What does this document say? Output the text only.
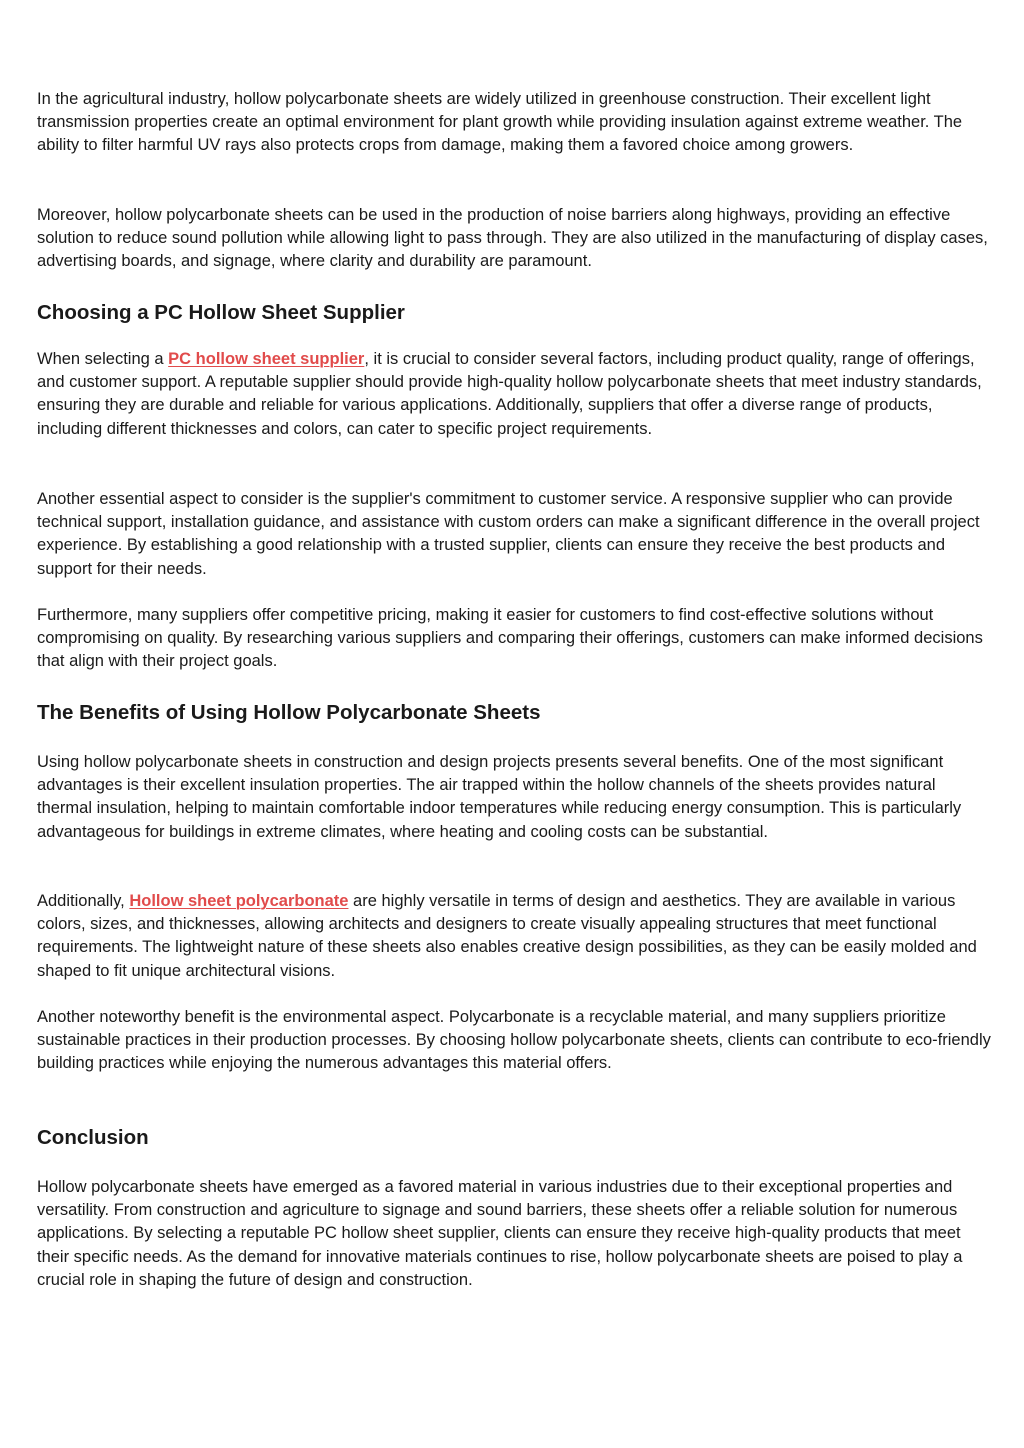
In the agricultural industry, hollow polycarbonate sheets are widely utilized in greenhouse construction. Their excellent light transmission properties create an optimal environment for plant growth while providing insulation against extreme weather. The ability to filter harmful UV rays also protects crops from damage, making them a favored choice among growers.

Moreover, hollow polycarbonate sheets can be used in the production of noise barriers along highways, providing an effective solution to reduce sound pollution while allowing light to pass through. They are also utilized in the manufacturing of display cases, advertising boards, and signage, where clarity and durability are paramount.

Choosing a PC Hollow Sheet Supplier

When selecting a PC hollow sheet supplier, it is crucial to consider several factors, including product quality, range of offerings, and customer support. A reputable supplier should provide high-quality hollow polycarbonate sheets that meet industry standards, ensuring they are durable and reliable for various applications. Additionally, suppliers that offer a diverse range of products, including different thicknesses and colors, can cater to specific project requirements.

Another essential aspect to consider is the supplier's commitment to customer service. A responsive supplier who can provide technical support, installation guidance, and assistance with custom orders can make a significant difference in the overall project experience. By establishing a good relationship with a trusted supplier, clients can ensure they receive the best products and support for their needs.

Furthermore, many suppliers offer competitive pricing, making it easier for customers to find cost-effective solutions without compromising on quality. By researching various suppliers and comparing their offerings, customers can make informed decisions that align with their project goals.

The Benefits of Using Hollow Polycarbonate Sheets

Using hollow polycarbonate sheets in construction and design projects presents several benefits. One of the most significant advantages is their excellent insulation properties. The air trapped within the hollow channels of the sheets provides natural thermal insulation, helping to maintain comfortable indoor temperatures while reducing energy consumption. This is particularly advantageous for buildings in extreme climates, where heating and cooling costs can be substantial.

Additionally, Hollow sheet polycarbonate are highly versatile in terms of design and aesthetics. They are available in various colors, sizes, and thicknesses, allowing architects and designers to create visually appealing structures that meet functional requirements. The lightweight nature of these sheets also enables creative design possibilities, as they can be easily molded and shaped to fit unique architectural visions.

Another noteworthy benefit is the environmental aspect. Polycarbonate is a recyclable material, and many suppliers prioritize sustainable practices in their production processes. By choosing hollow polycarbonate sheets, clients can contribute to eco-friendly building practices while enjoying the numerous advantages this material offers.

Conclusion

Hollow polycarbonate sheets have emerged as a favored material in various industries due to their exceptional properties and versatility. From construction and agriculture to signage and sound barriers, these sheets offer a reliable solution for numerous applications. By selecting a reputable PC hollow sheet supplier, clients can ensure they receive high-quality products that meet their specific needs. As the demand for innovative materials continues to rise, hollow polycarbonate sheets are poised to play a crucial role in shaping the future of design and construction.
